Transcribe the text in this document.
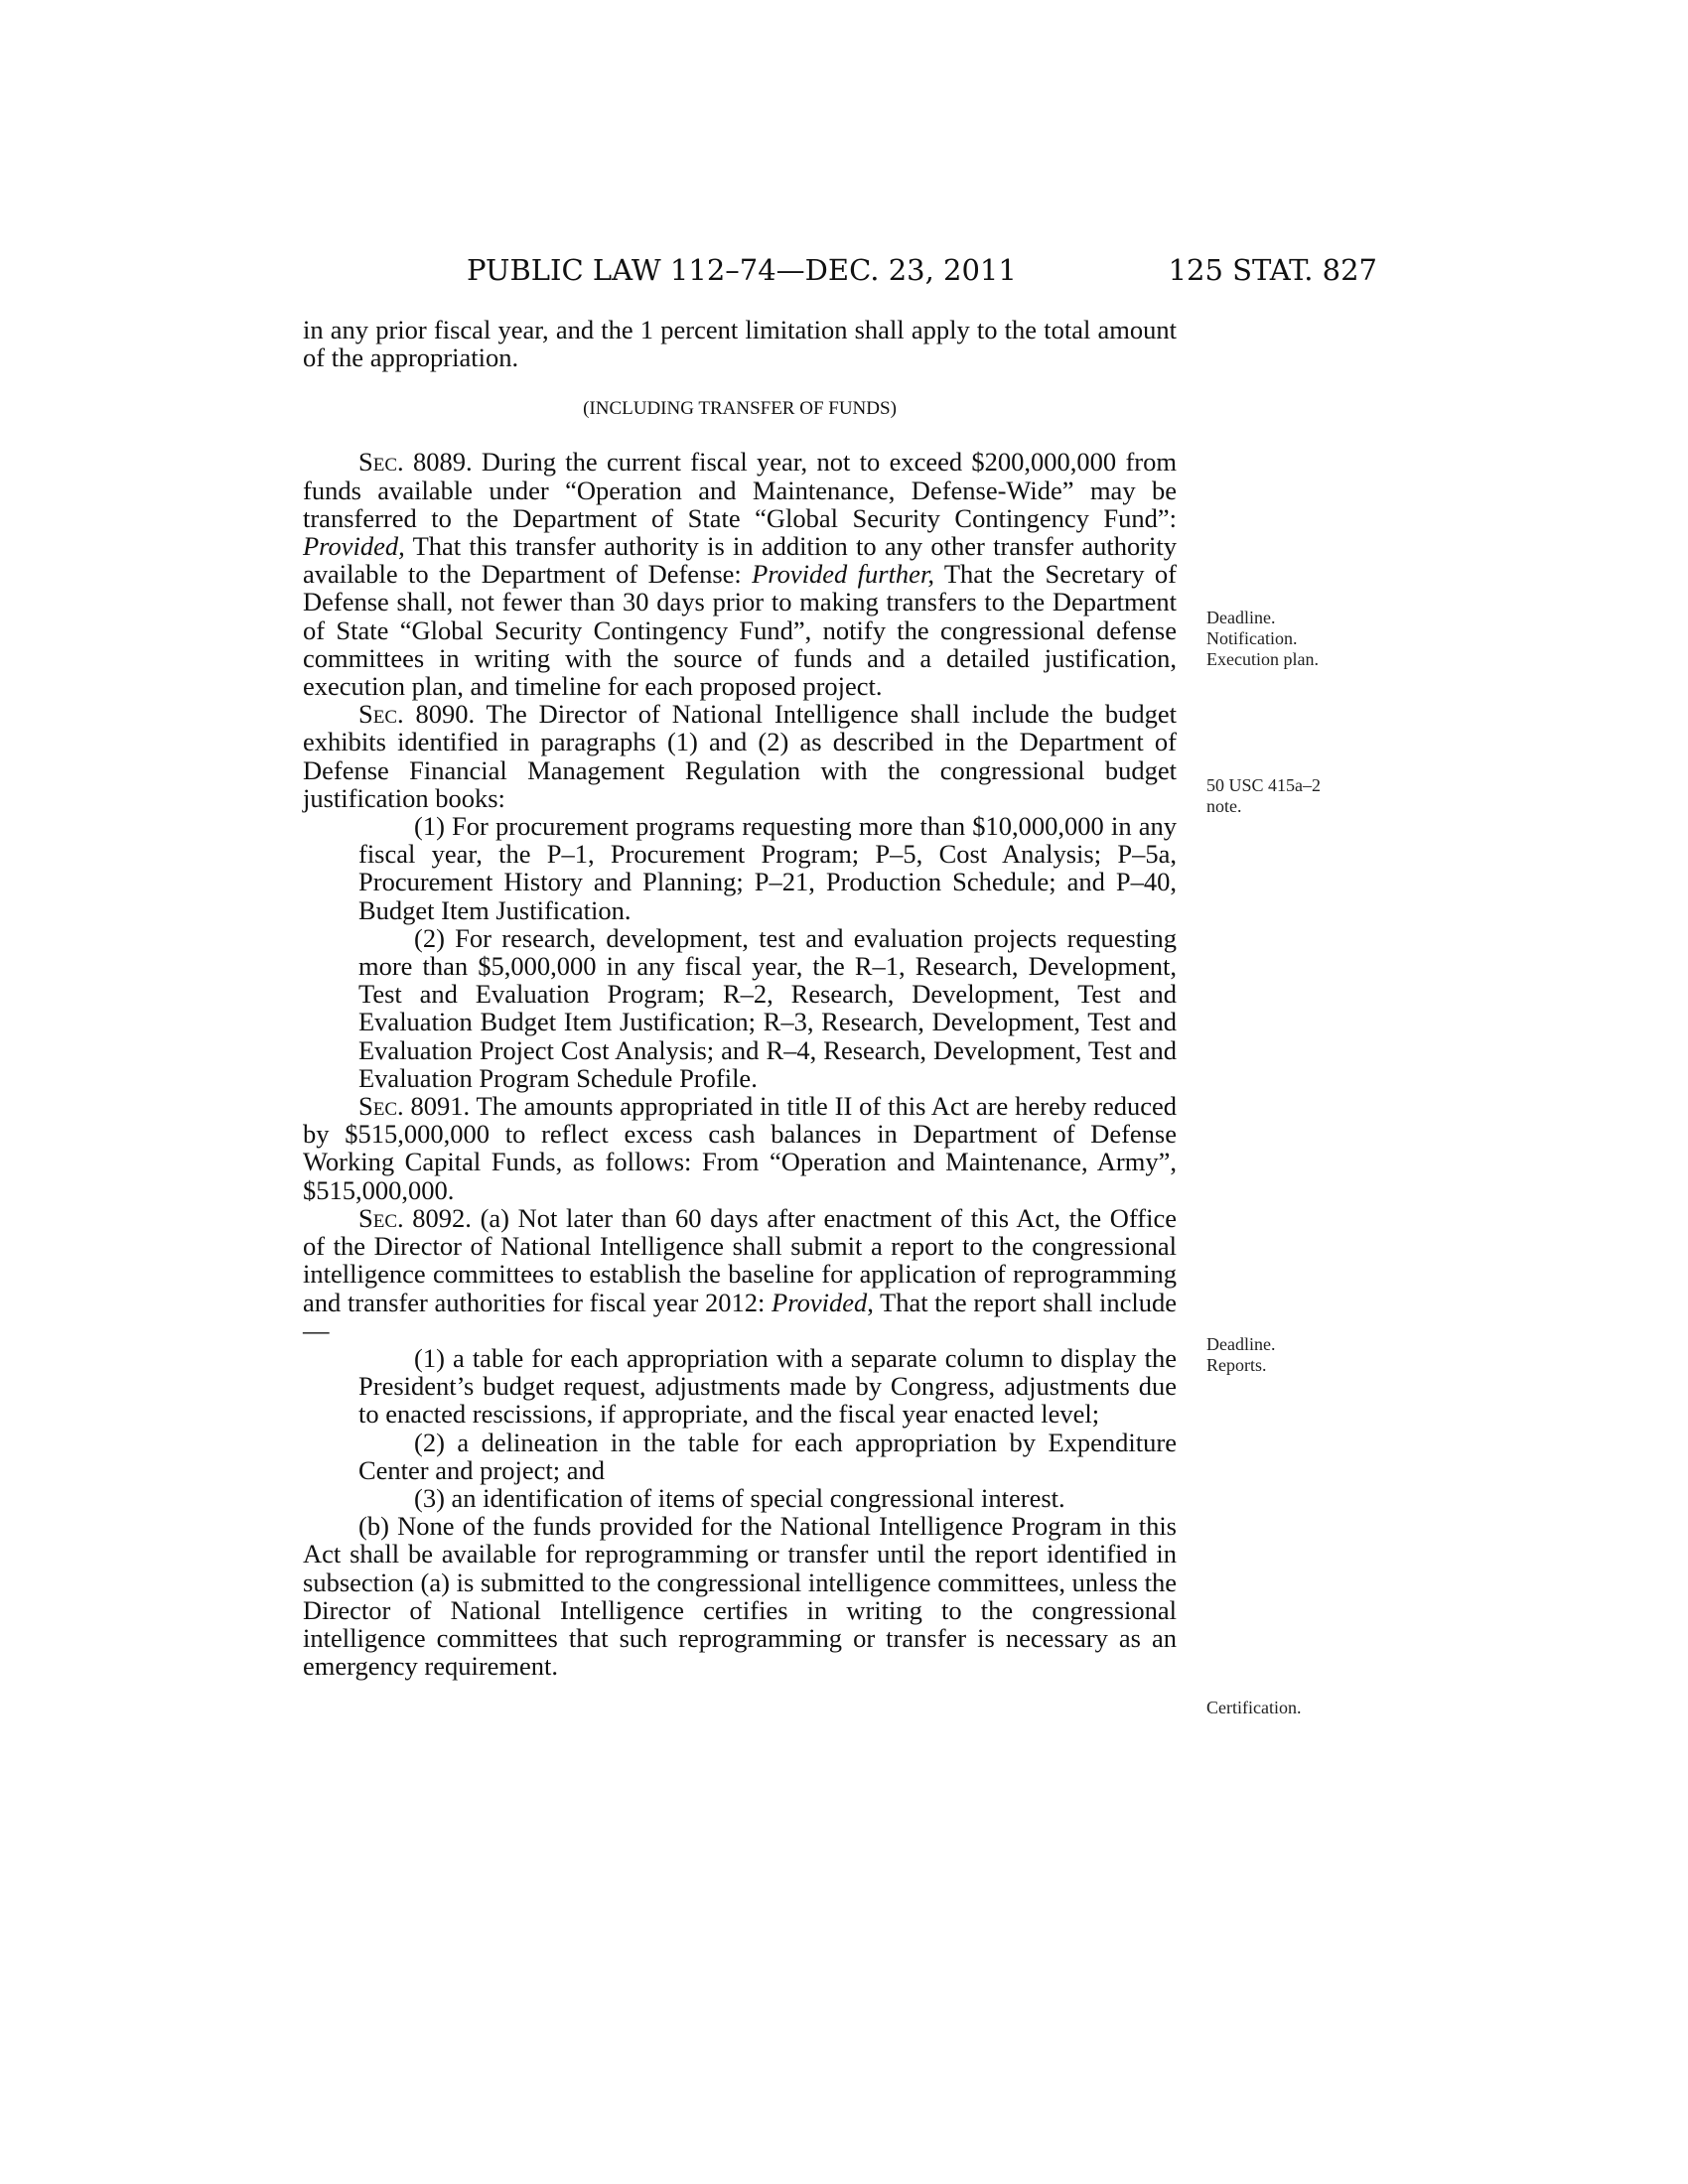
PUBLIC LAW 112–74—DEC. 23, 2011	125 STAT. 827

in any prior fiscal year, and the 1 percent limitation shall apply to the total amount of the appropriation.

(INCLUDING TRANSFER OF FUNDS)

Sec. 8089. During the current fiscal year, not to exceed $200,000,000 from funds available under “Operation and Maintenance, Defense-Wide” may be transferred to the Department of State “Global Security Contingency Fund”: Provided, That this transfer authority is in addition to any other transfer authority available to the Department of Defense: Provided further, That the Secretary of Defense shall, not fewer than 30 days prior to making transfers to the Department of State “Global Security Contingency Fund”, notify the congressional defense committees in writing with the source of funds and a detailed justification, execution plan, and timeline for each proposed project.

Sec. 8090. The Director of National Intelligence shall include the budget exhibits identified in paragraphs (1) and (2) as described in the Department of Defense Financial Management Regulation with the congressional budget justification books:

(1) For procurement programs requesting more than $10,000,000 in any fiscal year, the P–1, Procurement Program; P–5, Cost Analysis; P–5a, Procurement History and Planning; P–21, Production Schedule; and P–40, Budget Item Justification.

(2) For research, development, test and evaluation projects requesting more than $5,000,000 in any fiscal year, the R–1, Research, Development, Test and Evaluation Program; R–2, Research, Development, Test and Evaluation Budget Item Justification; R–3, Research, Development, Test and Evaluation Project Cost Analysis; and R–4, Research, Development, Test and Evaluation Program Schedule Profile.

Sec. 8091. The amounts appropriated in title II of this Act are hereby reduced by $515,000,000 to reflect excess cash balances in Department of Defense Working Capital Funds, as follows: From “Operation and Maintenance, Army”, $515,000,000.

Sec. 8092. (a) Not later than 60 days after enactment of this Act, the Office of the Director of National Intelligence shall submit a report to the congressional intelligence committees to establish the baseline for application of reprogramming and transfer authorities for fiscal year 2012: Provided, That the report shall include—

(1) a table for each appropriation with a separate column to display the President’s budget request, adjustments made by Congress, adjustments due to enacted rescissions, if appropriate, and the fiscal year enacted level;

(2) a delineation in the table for each appropriation by Expenditure Center and project; and

(3) an identification of items of special congressional interest.

(b) None of the funds provided for the National Intelligence Program in this Act shall be available for reprogramming or transfer until the report identified in subsection (a) is submitted to the congressional intelligence committees, unless the Director of National Intelligence certifies in writing to the congressional intelligence committees that such reprogramming or transfer is necessary as an emergency requirement.

Deadline.
Notification.
Execution plan.
50 USC 415a–2
note.
Deadline.
Reports.
Certification.
